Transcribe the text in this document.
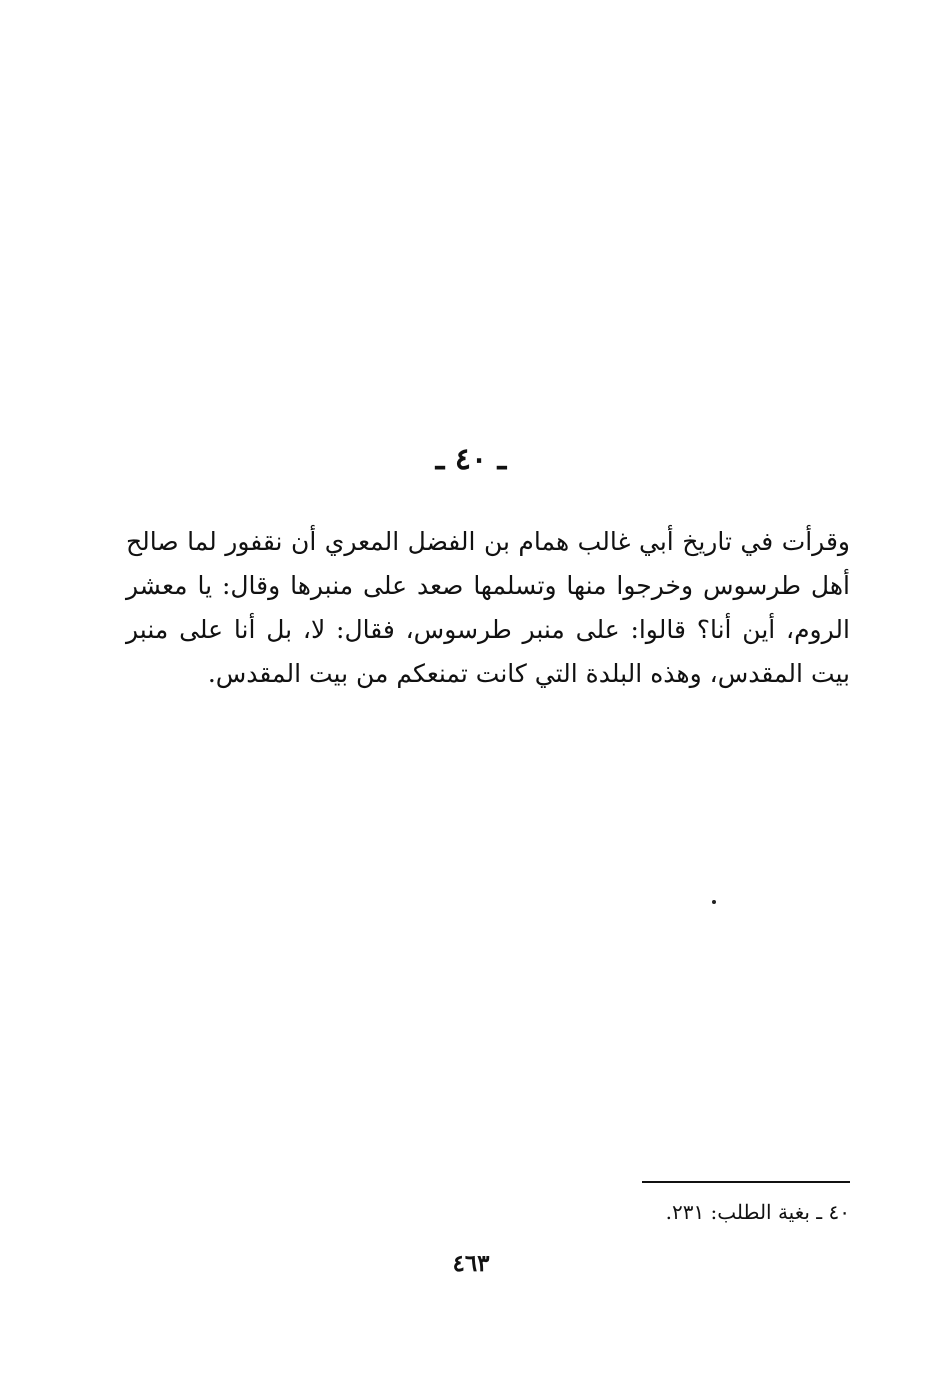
ـ ٤٠ ـ
وقرأت في تاريخ أبي غالب همام بن الفضل المعري أن نقفور لما صالح أهل طرسوس وخرجوا منها وتسلمها صعد على منبرها وقال: يا معشر الروم، أين أنا؟ قالوا: على منبر طرسوس، فقال: لا، بل أنا على منبر بيت المقدس، وهذه البلدة التي كانت تمنعكم من بيت المقدس.
٤٠ ـ بغية الطلب: ٢٣١.
٤٦٣
